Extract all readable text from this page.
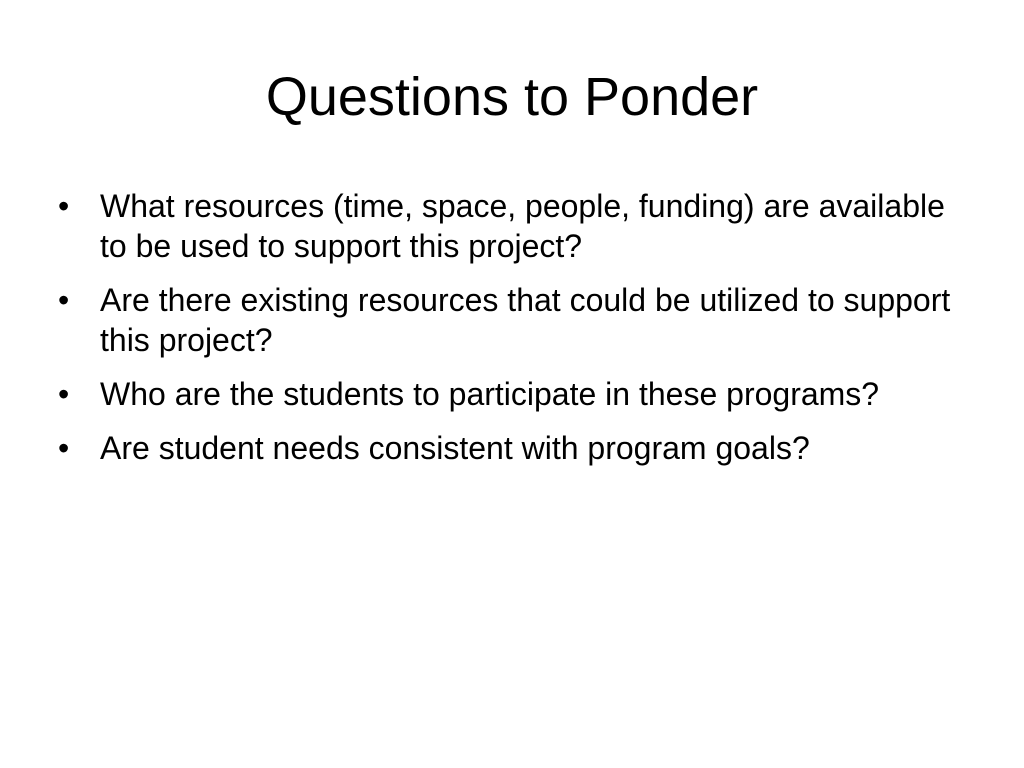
Questions to Ponder
• What resources (time, space, people, funding) are available to be used to support this project?
• Are there existing resources that could be utilized to support this project?
• Who are the students to participate in these programs?
• Are student needs consistent with program goals?
